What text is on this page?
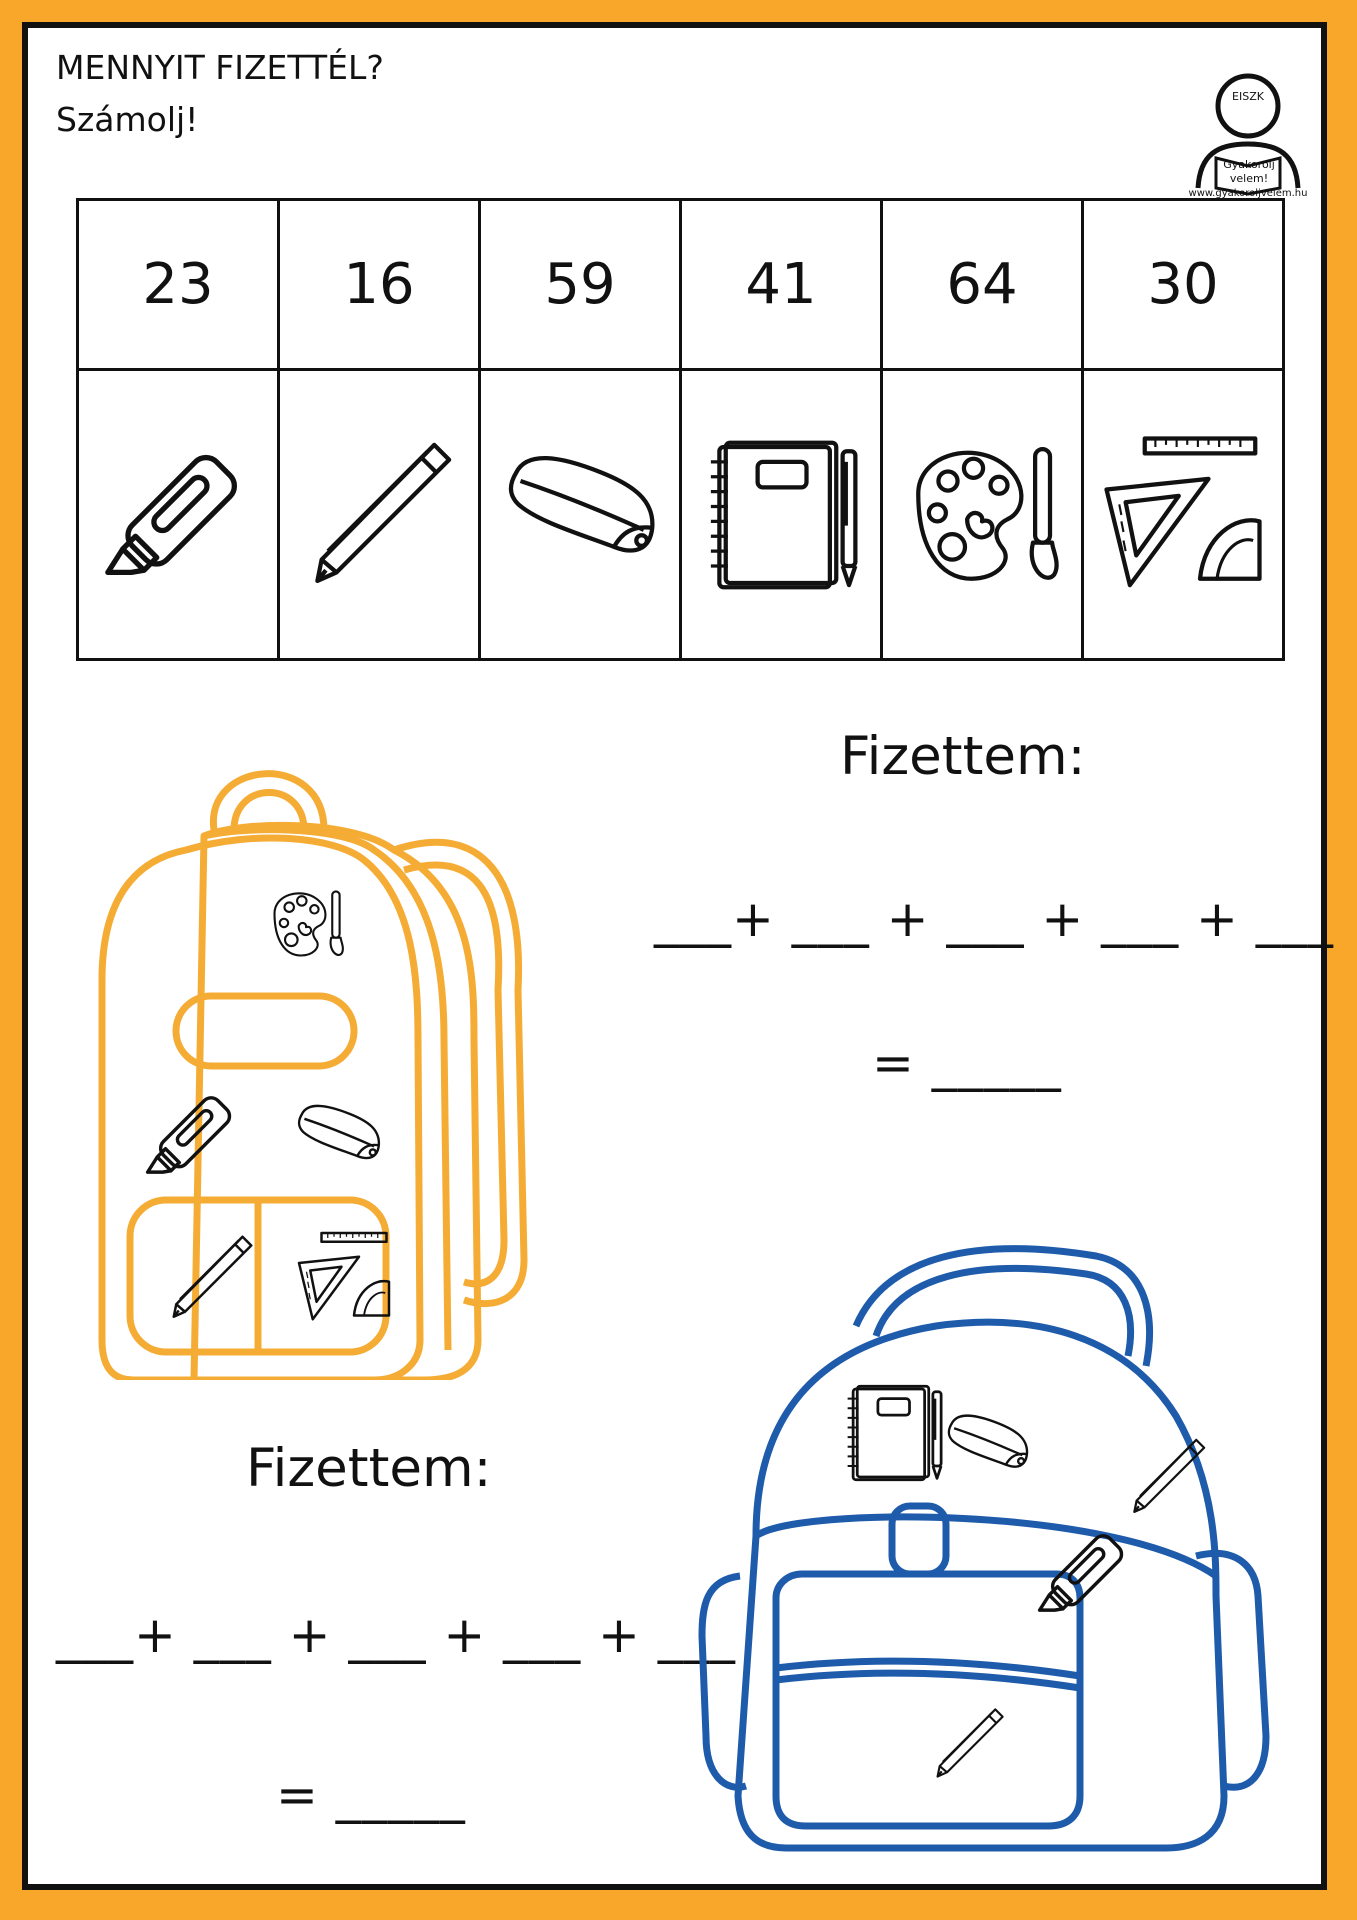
MENNYIT FIZETTÉL?
Számolj!
EISZK
Gyakorolj velem!
www.gyakoroljvelem.hu
23	16	59	41	64	30

Fizettem:
___+ ___ + ___ + ___ + ___
= _____
Fizettem:
___+ ___ + ___ + ___ + ___
= _____
